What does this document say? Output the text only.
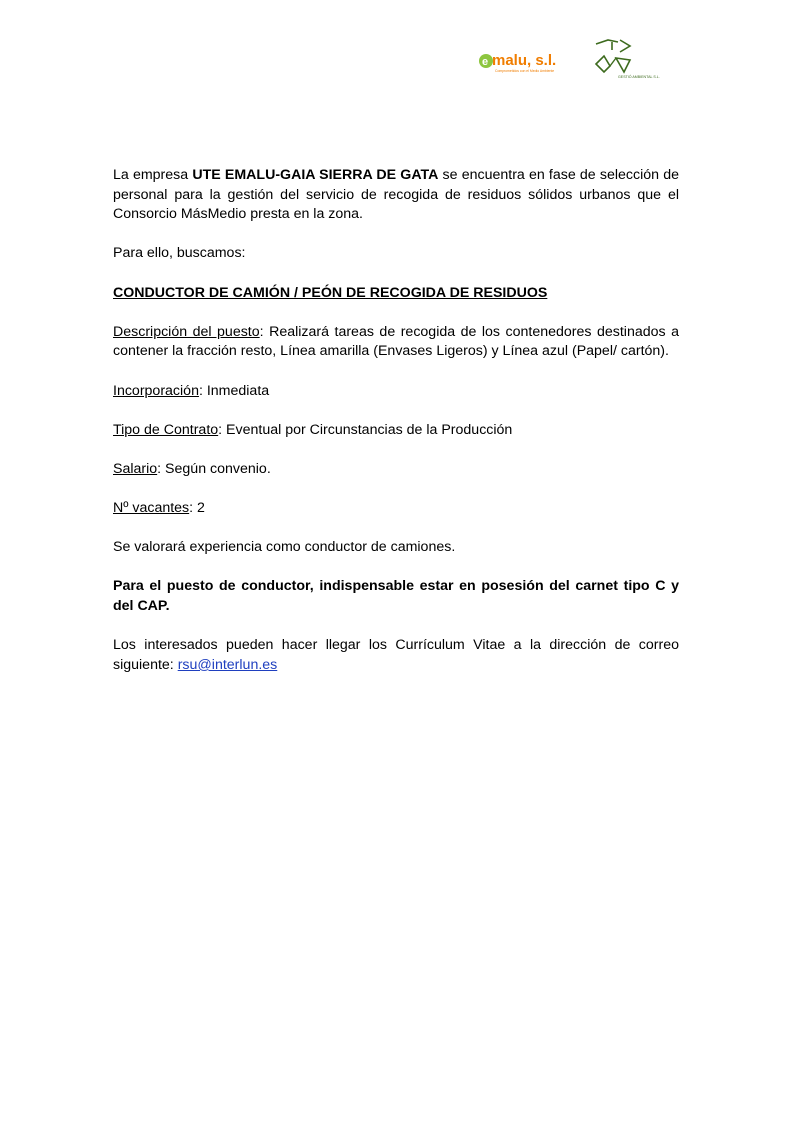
e malu, s.l.
Comprometidos con el Medio Ambiente
GESTIÓ AMBIENTAL S.L.

La empresa UTE EMALU-GAIA SIERRA DE GATA se encuentra en fase de selección de personal para la gestión del servicio de recogida de residuos sólidos urbanos que el Consorcio MásMedio presta en la zona.

Para ello, buscamos:

CONDUCTOR DE CAMIÓN / PEÓN DE RECOGIDA DE RESIDUOS

Descripción del puesto: Realizará tareas de recogida de los contenedores destinados a contener la fracción resto, Línea amarilla (Envases Ligeros) y Línea azul (Papel/ cartón).

Incorporación: Inmediata

Tipo de Contrato: Eventual por Circunstancias de la Producción

Salario: Según convenio.

Nº vacantes: 2

Se valorará experiencia como conductor de camiones.

Para el puesto de conductor, indispensable estar en posesión del carnet tipo C y del CAP.

Los interesados pueden hacer llegar los Currículum Vitae a la dirección de correo siguiente: rsu@interlun.es
